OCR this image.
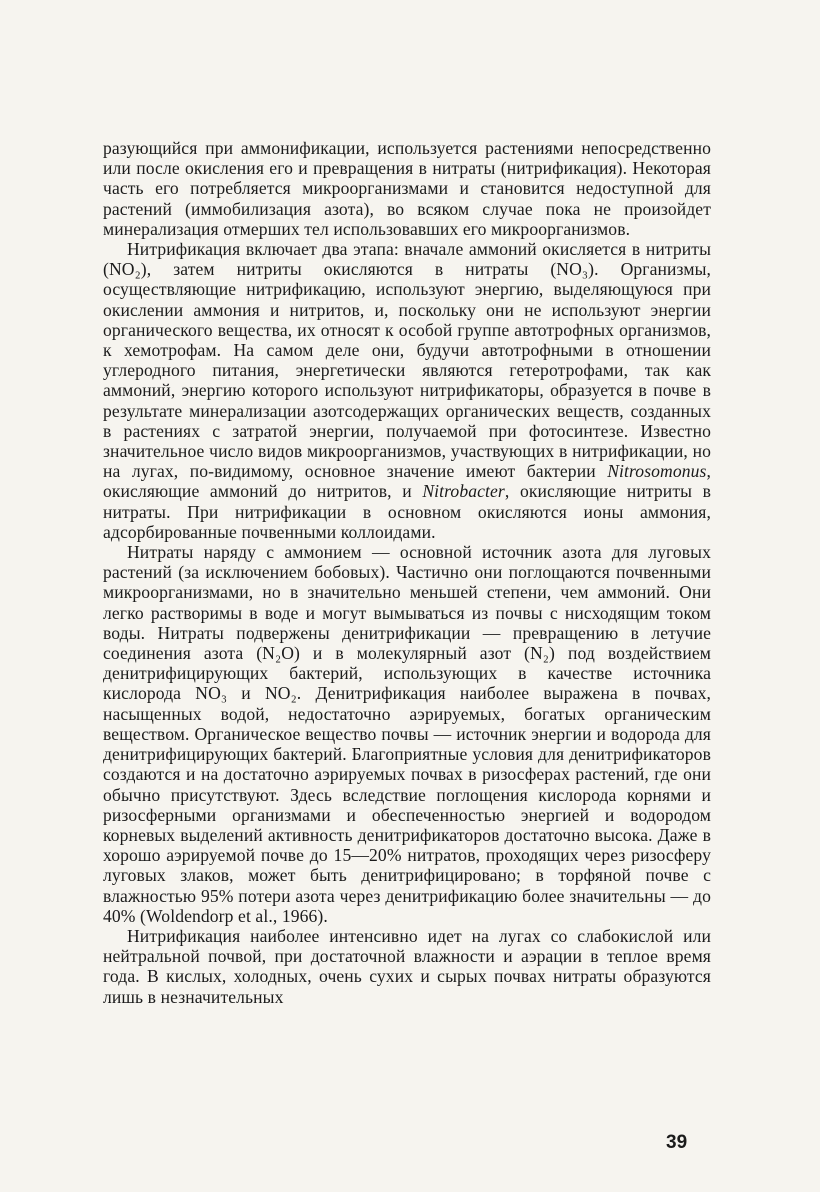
разующийся при аммонификации, используется растениями непосредственно или после окисления его и превращения в нитраты (нитрификация). Некоторая часть его потребляется микроорганизмами и становится недоступной для растений (иммобилизация азота), во всяком случае пока не произойдет минерализация отмерших тел использовавших его микроорганизмов.

Нитрификация включает два этапа: вначале аммоний окисляется в нитриты (NO₂), затем нитриты окисляются в нитраты (NO₃). Организмы, осуществляющие нитрификацию, используют энергию, выделяющуюся при окислении аммония и нитритов, и, поскольку они не используют энергии органического вещества, их относят к особой группе автотрофных организмов, к хемотрофам. На самом деле они, будучи автотрофными в отношении углеродного питания, энергетически являются гетеротрофами, так как аммоний, энергию которого используют нитрификаторы, образуется в почве в результате минерализации азотсодержащих органических веществ, созданных в растениях с затратой энергии, получаемой при фотосинтезе. Известно значительное число видов микроорганизмов, участвующих в нитрификации, но на лугах, по-видимому, основное значение имеют бактерии Nitrosomonus, окисляющие аммоний до нитритов, и Nitrobacter, окисляющие нитриты в нитраты. При нитрификации в основном окисляются ионы аммония, адсорбированные почвенными коллоидами.

Нитраты наряду с аммонием — основной источник азота для луговых растений (за исключением бобовых). Частично они поглощаются почвенными микроорганизмами, но в значительно меньшей степени, чем аммоний. Они легко растворимы в воде и могут вымываться из почвы с нисходящим током воды. Нитраты подвержены денитрификации — превращению в летучие соединения азота (N₂O) и в молекулярный азот (N₂) под воздействием денитрифицирующих бактерий, использующих в качестве источника кислорода NO₃ и NO₂. Денитрификация наиболее выражена в почвах, насыщенных водой, недостаточно аэрируемых, богатых органическим веществом. Органическое вещество почвы — источник энергии и водорода для денитрифицирующих бактерий. Благоприятные условия для денитрификаторов создаются и на достаточно аэрируемых почвах в ризосферах растений, где они обычно присутствуют. Здесь вследствие поглощения кислорода корнями и ризосферными организмами и обеспеченностью энергией и водородом корневых выделений активность денитрификаторов достаточно высока. Даже в хорошо аэрируемой почве до 15—20% нитратов, проходящих через ризосферу луговых злаков, может быть денитрифицировано; в торфяной почве с влажностью 95% потери азота через денитрификацию более значительны — до 40% (Woldendorp et al., 1966).

Нитрификация наиболее интенсивно идет на лугах со слабокислой или нейтральной почвой, при достаточной влажности и аэрации в теплое время года. В кислых, холодных, очень сухих и сырых почвах нитраты образуются лишь в незначительных

39
